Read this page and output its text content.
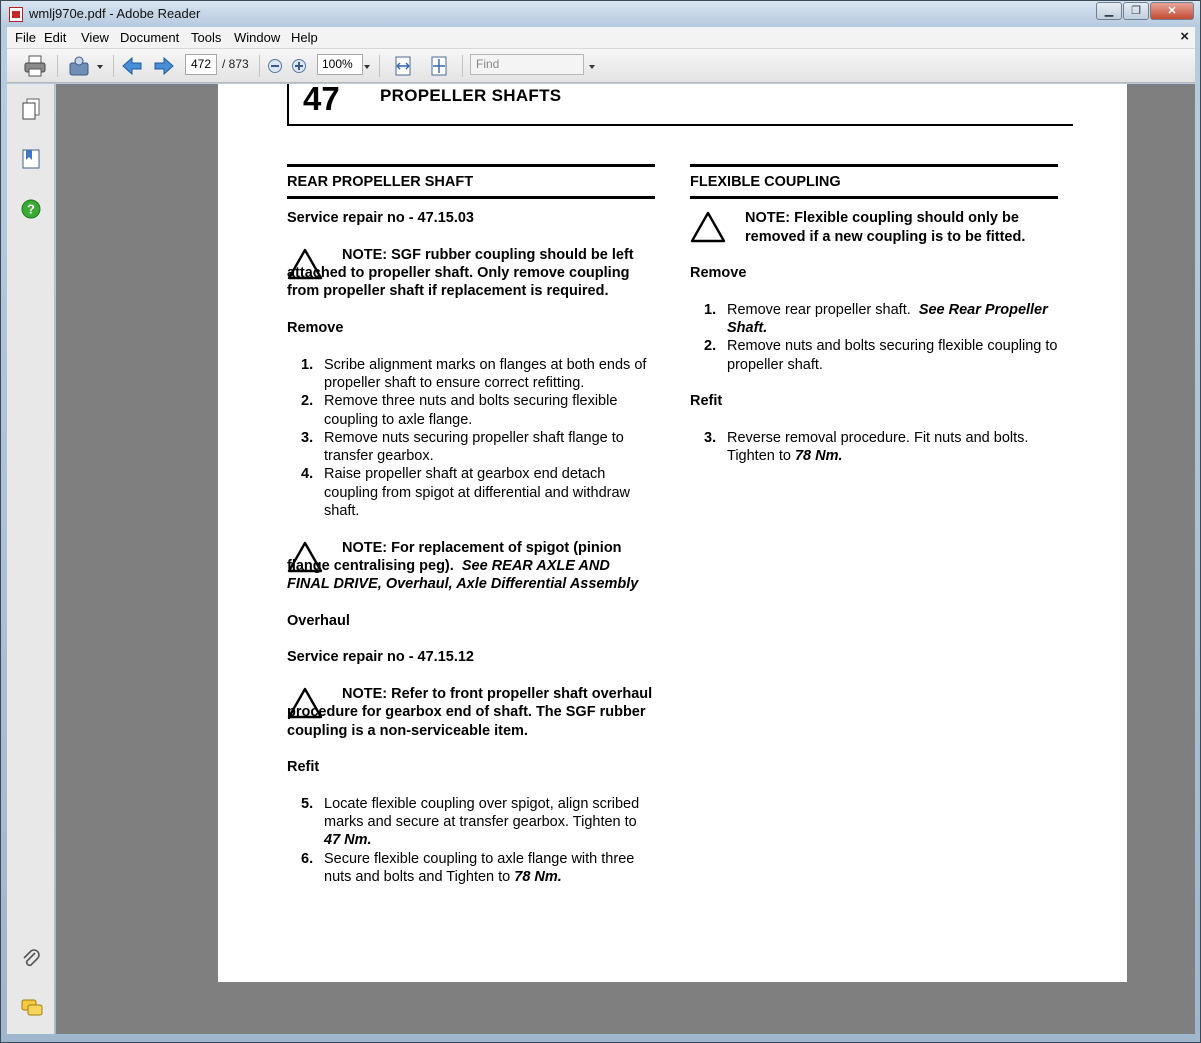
wmlj970e.pdf - Adobe Reader	▁	❐	✕
File Edit View Document Tools Window Help	×
472 / 873	100%	Find
?
47 PROPELLER SHAFTS
REAR PROPELLER SHAFT
Service repair no - 47.15.03
NOTE: SGF rubber coupling should be left attached to propeller shaft. Only remove coupling from propeller shaft if replacement is required.
Remove
1. Scribe alignment marks on flanges at both ends of propeller shaft to ensure correct refitting.
2. Remove three nuts and bolts securing flexible coupling to axle flange.
3. Remove nuts securing propeller shaft flange to transfer gearbox.
4. Raise propeller shaft at gearbox end detach coupling from spigot at differential and withdraw shaft.
NOTE: For replacement of spigot (pinion flange centralising peg). See REAR AXLE AND FINAL DRIVE, Overhaul, Axle Differential Assembly
Overhaul
Service repair no - 47.15.12
NOTE: Refer to front propeller shaft overhaul procedure for gearbox end of shaft. The SGF rubber coupling is a non-serviceable item.
Refit
5. Locate flexible coupling over spigot, align scribed marks and secure at transfer gearbox. Tighten to 47 Nm.
6. Secure flexible coupling to axle flange with three nuts and bolts and Tighten to 78 Nm.
FLEXIBLE COUPLING
NOTE: Flexible coupling should only be removed if a new coupling is to be fitted.
Remove
1. Remove rear propeller shaft. See Rear Propeller Shaft.
2. Remove nuts and bolts securing flexible coupling to propeller shaft.
Refit
3. Reverse removal procedure. Fit nuts and bolts. Tighten to 78 Nm.
